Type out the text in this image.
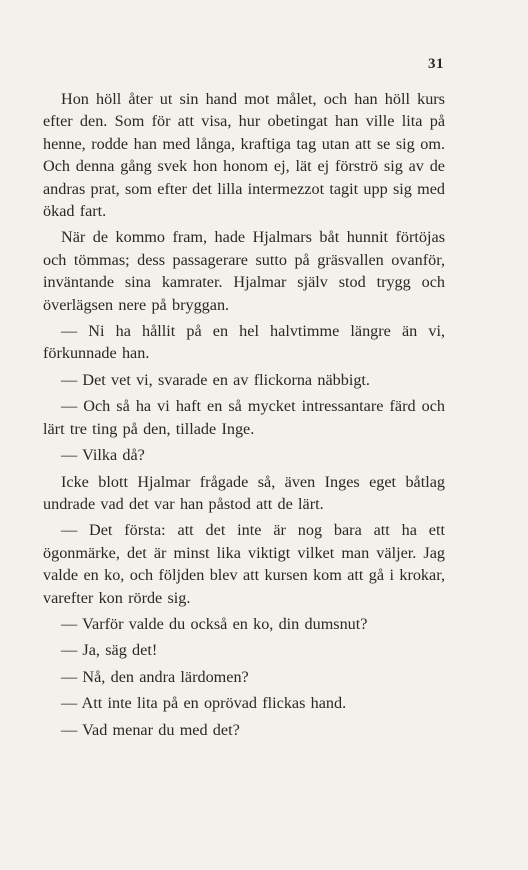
31

Hon höll åter ut sin hand mot målet, och han höll kurs efter den. Som för att visa, hur obetingat han ville lita på henne, rodde han med långa, kraftiga tag utan att se sig om. Och denna gång svek hon honom ej, lät ej förströ sig av de andras prat, som efter det lilla intermezzot tagit upp sig med ökad fart.

När de kommo fram, hade Hjalmars båt hunnit förtöjas och tömmas; dess passagerare sutto på gräsvallen ovanför, inväntande sina kamrater. Hjalmar själv stod trygg och överlägsen nere på bryggan.

— Ni ha hållit på en hel halvtimme längre än vi, förkunnade han.

— Det vet vi, svarade en av flickorna näbbigt.

— Och så ha vi haft en så mycket intressantare färd och lärt tre ting på den, tillade Inge.

— Vilka då?

Icke blott Hjalmar frågade så, även Inges eget båtlag undrade vad det var han påstod att de lärt.

— Det första: att det inte är nog bara att ha ett ögonmärke, det är minst lika viktigt vilket man väljer. Jag valde en ko, och följden blev att kursen kom att gå i krokar, varefter kon rörde sig.

— Varför valde du också en ko, din dumsnut?

— Ja, säg det!

— Nå, den andra lärdomen?

— Att inte lita på en oprövad flickas hand.

— Vad menar du med det?
